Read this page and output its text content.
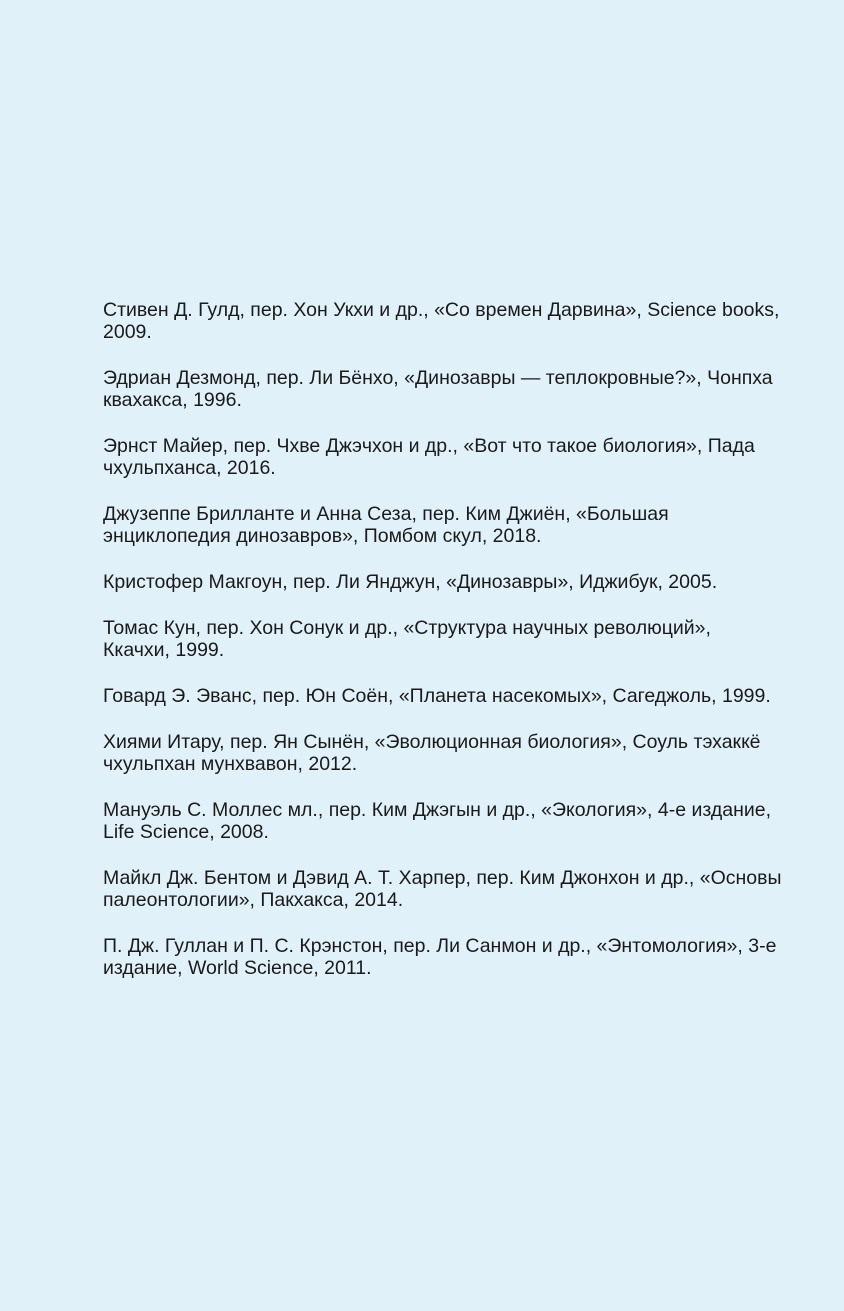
Стивен Д. Гулд, пер. Хон Укхи и др., «Со времен Дарвина», Science books, 2009.
Эдриан Дезмонд, пер. Ли Бёнхо, «Динозавры — теплокровные?», Чонпха квахакса, 1996.
Эрнст Майер, пер. Чхве Джэчхон и др., «Вот что такое биология», Пада чхульпханса, 2016.
Джузеппе Брилланте и Анна Сеза, пер. Ким Джиён, «Большая энциклопедия динозавров», Помбом скул, 2018.
Кристофер Макгоун, пер. Ли Янджун, «Динозавры», Иджибук, 2005.
Томас Кун, пер. Хон Сонук и др., «Структура научных революций», Ккачхи, 1999.
Говард Э. Эванс, пер. Юн Соён, «Планета насекомых», Сагеджоль, 1999.
Хиями Итару, пер. Ян Сынён, «Эволюционная биология», Соуль тэхаккё чхульпхан мунхвавон, 2012.
Мануэль С. Моллес мл., пер. Ким Джэгын и др., «Экология», 4-е издание, Life Science, 2008.
Майкл Дж. Бентом и Дэвид А. Т. Харпер, пер. Ким Джонхон и др., «Основы палеонтологии», Пакхакса, 2014.
П. Дж. Гуллан и П. С. Крэнстон, пер. Ли Санмон и др., «Энтомология», 3-е издание, World Science, 2011.
